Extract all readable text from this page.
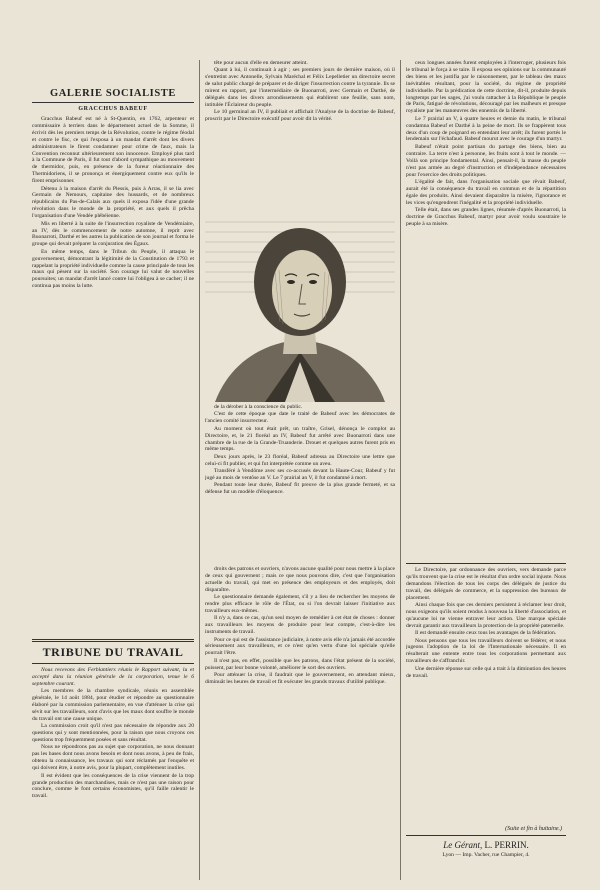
GALERIE SOCIALISTE

GRACCHUS BABEUF

Gracchus Babeuf est né à St-Quentin, en 1762, arpenteur et commissaire à terriers dans le département actuel de la Somme, il écrivit dès les premiers temps de la Révolution, contre le régime féodal et contre le fisc, ce qui l'exposa à un mandat d'arrêt dont les divers administrateurs le firent condamner pour crime de faux, mais la Convention reconnut ultérieurement son innocence. Employé plus tard à la Commune de Paris, il fut tout d'abord sympathique au mouvement de thermidor, puis, en présence de la fureur réactionnaire des Thermidoriens, il se prononça et énergiquement contre eux qu'ils le firent emprisonner.

Détenu à la maison d'arrêt du Plessis, puis à Arras, il se lia avec Germain de Nemours, capitaine des hussards, et de nombreux républicains du Pas-de-Calais aux quels il exposa l'idée d'une grande révolution dans le monde de la propriété, et aux quels il prêcha l'organisation d'une Vendée plébéienne.

Mis en liberté à la suite de l'insurrection royaliste de Vendémiaire, an IV, dès le commencement de notre automne, il reprit avec Buonarroti, Darthé et les autres la publication de son journal et forma le groupe qui devait préparer la conjuration des Égaux.

En même temps, dans le Tribun du Peuple, il attaqua le gouvernement, démontrant la légitimité de la Constitution de 1793 et rappelant la propriété individuelle comme la cause principale de tous les maux qui pèsent sur la société. Son courage lui valut de nouvelles poursuites; un mandat d'arrêt lancé contre lui l'obligea à se cacher; il ne continua pas moins la lutte.

TRIBUNE DU TRAVAIL

Nous recevons des Ferblantiers réunis le Rapport suivant, lu et accepté dans la réunion générale de la corporation, tenue le 6 septembre courant.

Les membres de la chambre syndicale, réunis en assemblée générale, le 14 août 1884, pour étudier et répondre au questionnaire élaboré par la commission parlementaire, en vue d'atténuer la crise qui sévit sur les travailleurs, sont d'avis que les maux dont souffre le monde du travail ont une cause unique.

La commission croit qu'il n'est pas nécessaire de répondre aux 20 questions qui y sont mentionnées, pour la raison que nous croyons ces questions trop fréquemment posées et sans résultat.

Nous ne répondrons pas au sujet que corporation, ne nous donnant pas les bases dont nous avons besoin et dont nous avons, à peu de frais, obtenu la connaissance, les travaux qui sont réclamés par l'enquête et qui doivent être, à notre avis, pour la plupart, complètement inutiles.

Il est évident que les conséquences de la crise viennent de la trop grande production des marchandises, mais ce n'est pas une raison pour conclure, comme le font certains économistes, qu'il faille ralentir le travail.

tête pour aucun d'elle en demeurer atteint.

Quant à lui, il continuait à agir ; ses premiers jours de dernière maison, où il s'entretint avec Antonelle, Sylvain Maréchal et Félix Lepelletier un directoire secret de salut public chargé de préparer et de diriger l'insurrection contre la tyrannie. Ils se mirent en rapport, par l'intermédiaire de Buonarroti, avec Germain et Darthé, de délégués dans les divers arrondissements qui établirent une feuille, sans nom, intitulée l'Éclaireur du peuple.

Le 10 germinal an IV, il publiait et affichait l'Analyse de la doctrine de Babeuf, proscrit par le Directoire exécutif pour avoir dit la vérité.

de la dérober à la conscience du public.

C'est de cette époque que date le traité de Babeuf avec les démocrates de l'ancien comité insurrecteur.

Au moment où tout était prêt, un traître, Grisel, dénonça le complot au Directoire, et, le 21 floréal an IV, Babeuf fut arrêté avec Buonarroti dans une chambre de la rue de la Grande-Truanderie. Drouet et quelques autres furent pris en même temps.

Deux jours après, le 23 floréal, Babeuf adressa au Directoire une lettre que celui-ci fit publier, et qui fut interprétée comme un aveu.

Transféré à Vendôme avec ses co-accusés devant la Haute-Cour, Babeuf y fut jugé au mois de ventôse an V. Le 7 prairial an V, il fut condamné à mort.

Pendant toute leur durée, Babeuf fit preuve de la plus grande fermeté, et sa défense fut un modèle d'éloquence.

droits des patrons et ouvriers, n'avons aucune qualité pour nous mettre à la place de ceux qui gouvernent ; mais ce que nous pouvons dire, c'est que l'organisation actuelle du travail, qui met en présence des employeurs et des employés, doit disparaître.

Le questionnaire demande également, s'il y a lieu de rechercher les moyens de rendre plus efficace le rôle de l'État, ou si l'on devrait laisser l'initiative aux travailleurs eux-mêmes.

Il n'y a, dans ce cas, qu'un seul moyen de remédier à cet état de choses : donner aux travailleurs les moyens de produire pour leur compte, c'est-à-dire les instruments de travail.

Pour ce qui est de l'assistance judiciaire, à notre avis elle n'a jamais été accordée sérieusement aux travailleurs, et ce n'est qu'en vertu d'une loi spéciale qu'elle pourrait l'être.

Il n'est pas, en effet, possible que les patrons, dans l'état présent de la société, puissent, par leur bonne volonté, améliorer le sort des ouvriers.

Pour atténuer la crise, il faudrait que le gouvernement, en attendant mieux, diminuât les heures de travail et fit exécuter les grands travaux d'utilité publique.

ceux longues années furent employées à l'interroger, plusieurs fois le tribunal le força à se taire. Il exposa ses opinions sur la communauté des biens et les justifia par le raisonnement, par le tableau des maux inévitables résultant, pour la société, du régime de propriété individuelle. Par la prédication de cette doctrine, dit-il, produite depuis longtemps par les sages, j'ai voulu rattacher à la République le peuple de Paris, fatigué de révolutions, découragé par les malheurs et presque royaliste par les manœuvres des ennemis de la liberté.

Le 7 prairial an V, à quatre heures et demie du matin, le tribunal condamna Babeuf et Darthé à la peine de mort. Ils se frappèrent tous deux d'un coup de poignard en entendant leur arrêt; ils furent portés le lendemain sur l'échafaud. Babeuf mourut avec le courage d'un martyr.

Babeuf n'était point partisan du partage des biens, bien au contraire. La terre n'est à personne, les fruits sont à tout le monde. — Voilà son principe fondamental. Ainsi, pensait-il, la masse du peuple n'est pas armée au degré d'instruction et d'indépendance nécessaires pour l'exercice des droits politiques.

L'égalité de fait, dans l'organisation sociale que rêvait Babeuf, aurait été la conséquence du travail en commun et de la répartition égale des produits. Ainsi devaient disparaître la misère, l'ignorance et les vices qu'engendrent l'inégalité et la propriété individuelle.

Telle était, dans ses grandes lignes, résumée d'après Buonarroti, la doctrine de Gracchus Babeuf, martyr pour avoir voulu soustraire le peuple à sa misère.

Le Directoire, par ordonnance des ouvriers, vers demande parce qu'ils trouvent que la crise est le résultat d'un ordre social injuste. Nous demandons l'élection de tous les corps des délégués de justice du travail, des délégués de commerce, et la suppression des bureaux de placement.

Ainsi chaque fois que ces derniers persistent à réclamer leur droit, nous exigeons qu'ils soient rendus à nouveau la liberté d'association, et qu'aucune loi ne vienne entraver leur action. Une marque spéciale devrait garantir aux travailleurs la protection de la propriété paternelle.

Il est demandé ensuite ceux tous les avantages de la fédération.

Nous pensons que tous les travailleurs doivent se fédérer, et nous jugeons l'adoption de la loi de l'Internationale nécessaire. Il en résulterait une entente entre tous les corporations permettant aux travailleurs de s'affranchir.

Une dernière réponse sur celle qui a trait à la diminution des heures de travail.

(Suite et fin à huitaine.)

Le Gérant, L. PERRIN.

Lyon — Imp. Vacher, rue Champier, 4.
